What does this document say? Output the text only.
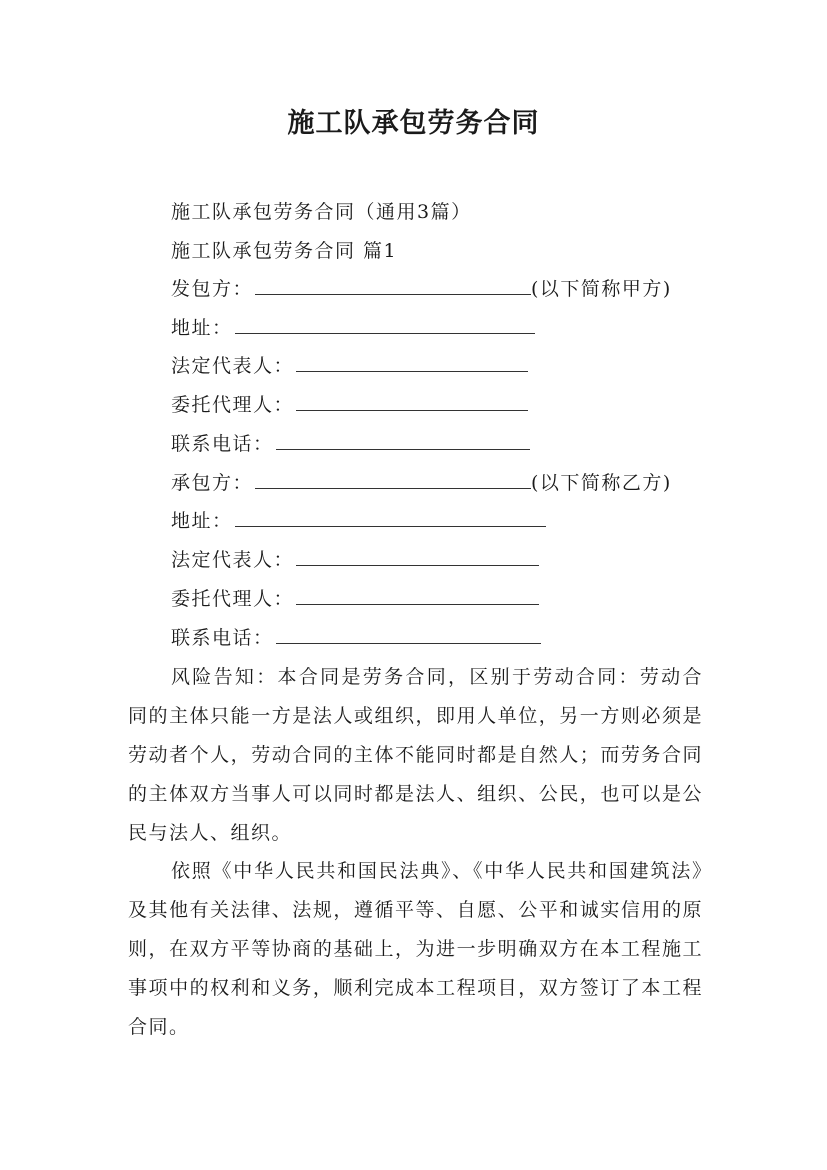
施工队承包劳务合同
施工队承包劳务合同（通用3篇）
施工队承包劳务合同 篇1
发包方：	(以下简称甲方)
地址：
法定代表人：
委托代理人：
联系电话：
承包方：	(以下简称乙方)
地址：
法定代表人：
委托代理人：
联系电话：
风险告知：本合同是劳务合同，区别于劳动合同：劳动合同的主体只能一方是法人或组织，即用人单位，另一方则必须是劳动者个人，劳动合同的主体不能同时都是自然人；而劳务合同的主体双方当事人可以同时都是法人、组织、公民，也可以是公民与法人、组织。
依照《中华人民共和国民法典》、《中华人民共和国建筑法》及其他有关法律、法规，遵循平等、自愿、公平和诚实信用的原则，在双方平等协商的基础上，为进一步明确双方在本工程施工事项中的权利和义务，顺利完成本工程项目，双方签订了本工程合同。
